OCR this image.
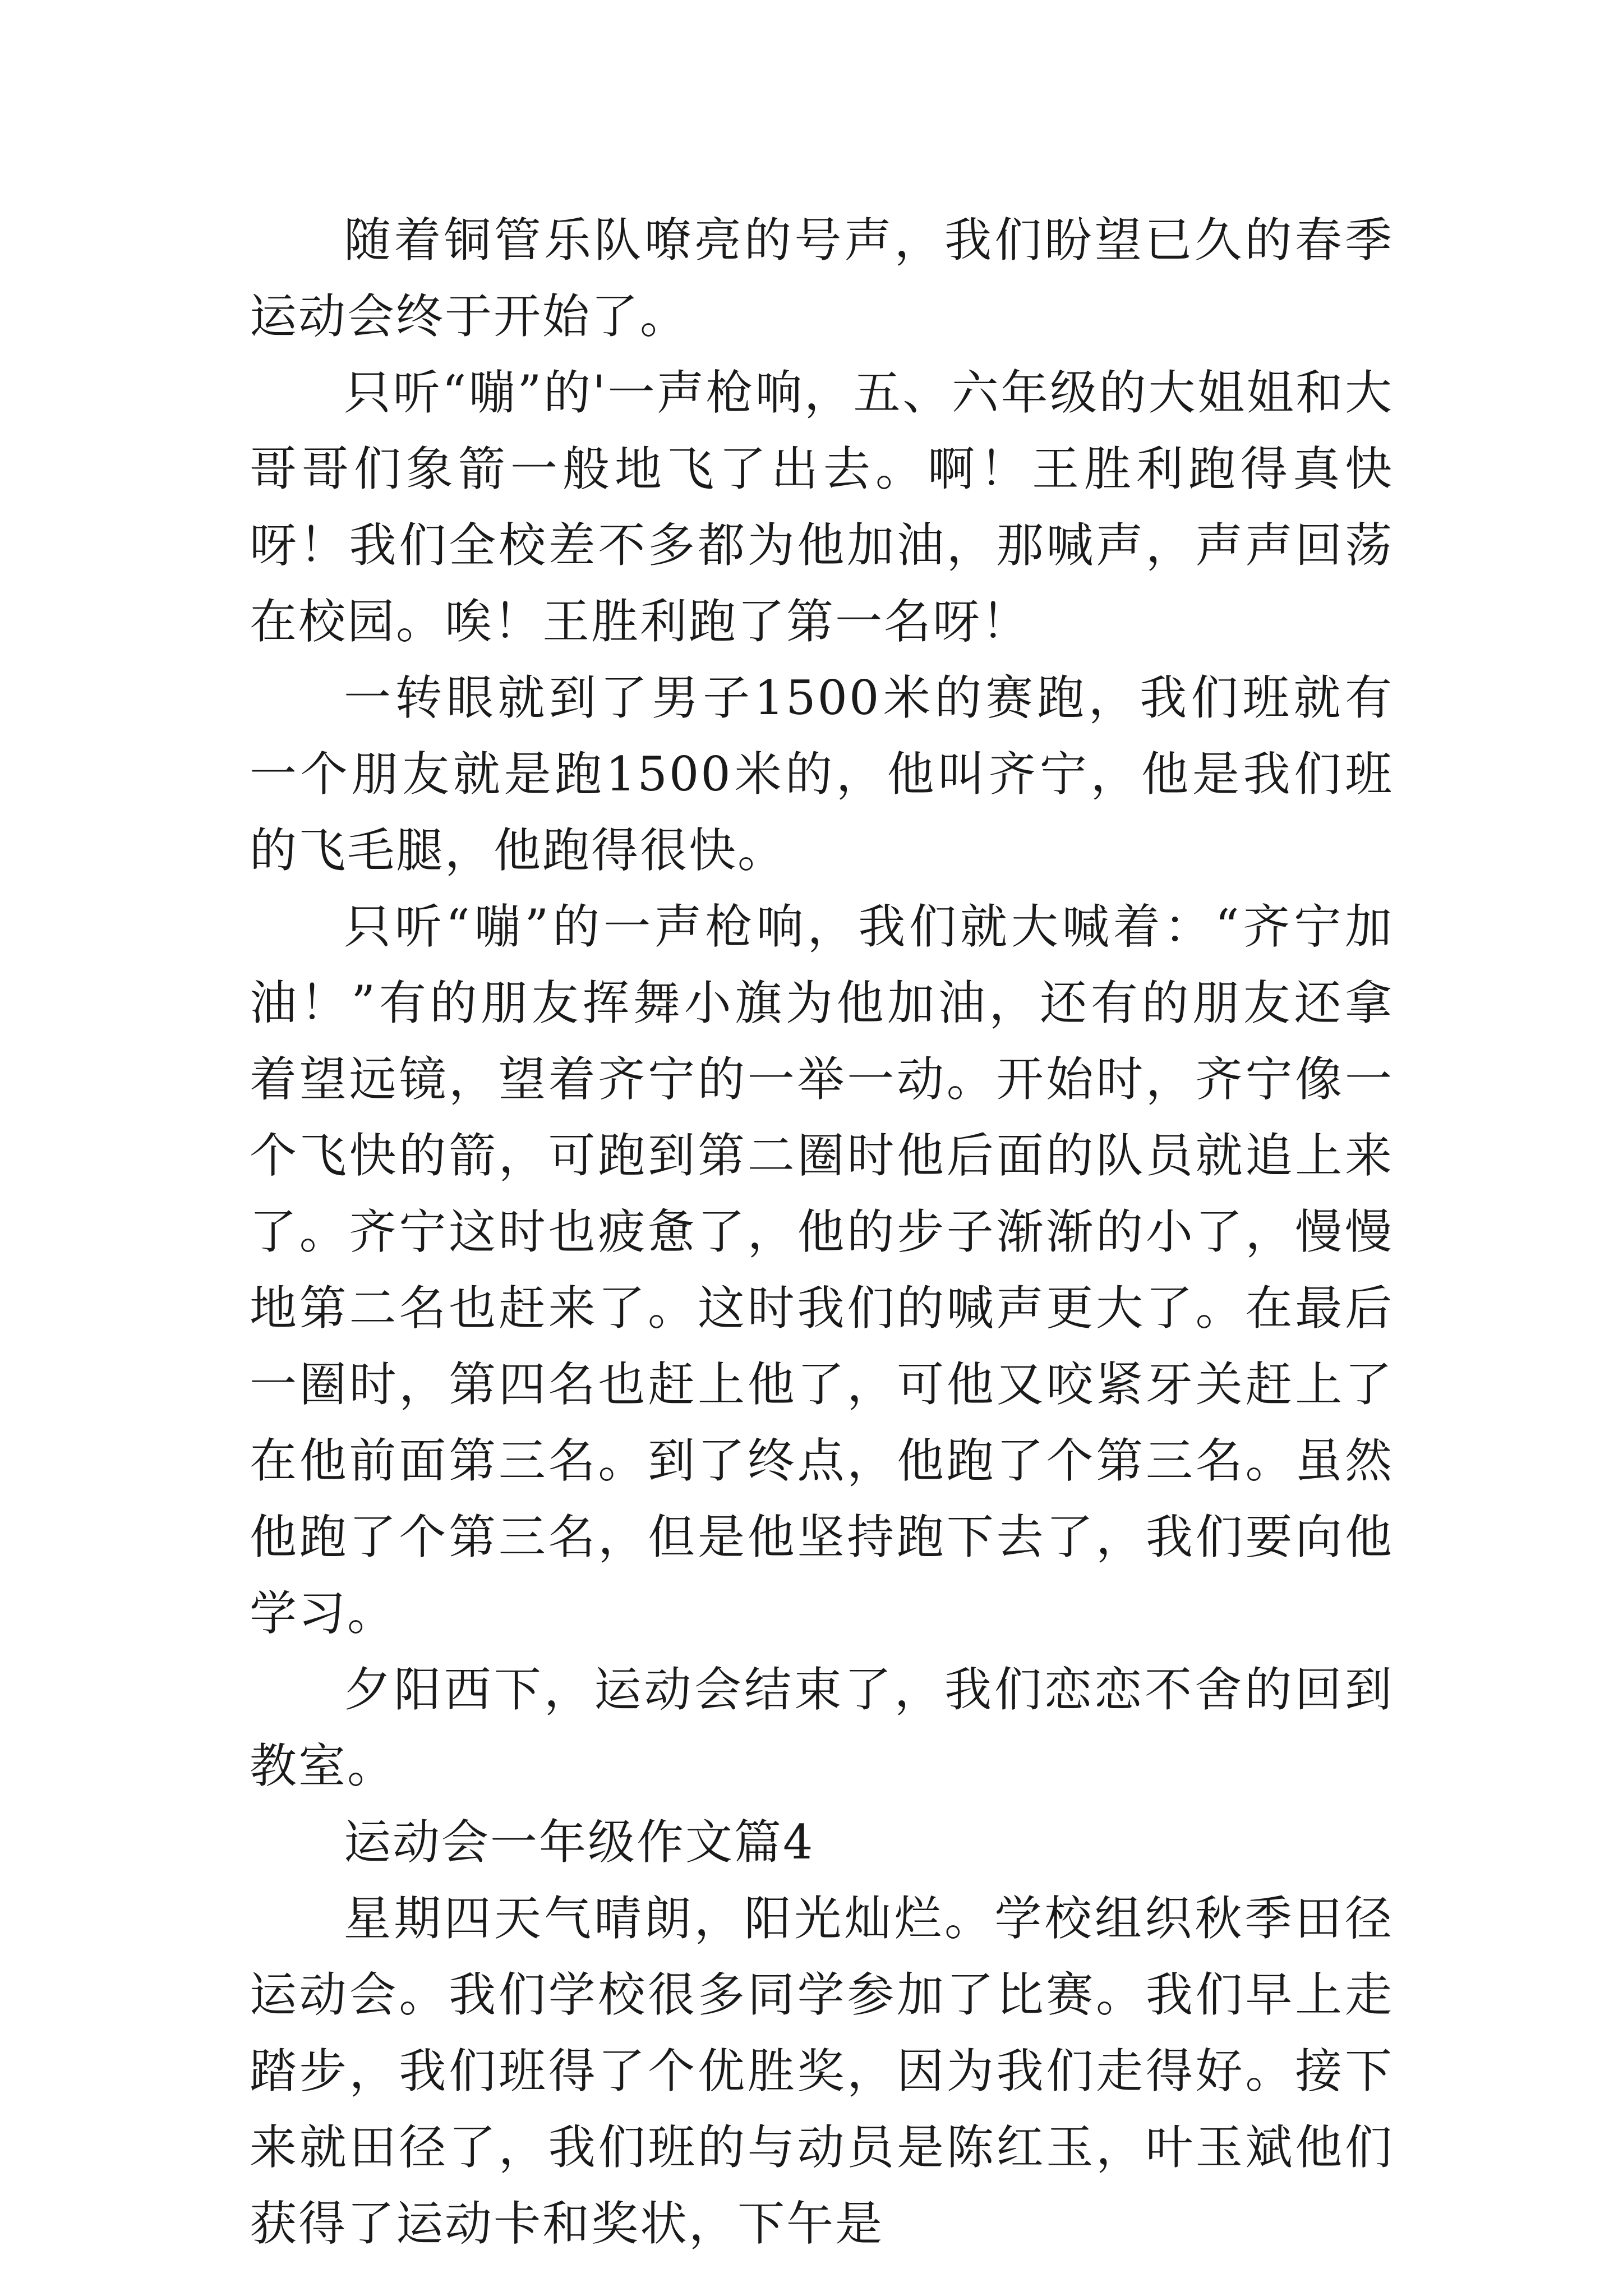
随着铜管乐队嘹亮的号声，我们盼望已久的春季运动会终于开始了。

只听“嘣”的'一声枪响，五、六年级的大姐姐和大哥哥们象箭一般地飞了出去。啊！王胜利跑得真快呀！我们全校差不多都为他加油，那喊声，声声回荡在校园。唉！王胜利跑了第一名呀！

一转眼就到了男子1500米的赛跑，我们班就有一个朋友就是跑1500米的，他叫齐宁，他是我们班的飞毛腿，他跑得很快。

只听“嘣”的一声枪响，我们就大喊着：“齐宁加油！”有的朋友挥舞小旗为他加油，还有的朋友还拿着望远镜，望着齐宁的一举一动。开始时，齐宁像一个飞快的箭，可跑到第二圈时他后面的队员就追上来了。齐宁这时也疲惫了，他的步子渐渐的小了，慢慢地第二名也赶来了。这时我们的喊声更大了。在最后一圈时，第四名也赶上他了，可他又咬紧牙关赶上了在他前面第三名。到了终点，他跑了个第三名。虽然他跑了个第三名，但是他坚持跑下去了，我们要向他学习。

夕阳西下，运动会结束了，我们恋恋不舍的回到教室。

运动会一年级作文篇4

星期四天气晴朗，阳光灿烂。学校组织秋季田径运动会。我们学校很多同学参加了比赛。我们早上走踏步，我们班得了个优胜奖，因为我们走得好。接下来就田径了，我们班的与动员是陈红玉，叶玉斌他们获得了运动卡和奖状，下午是
